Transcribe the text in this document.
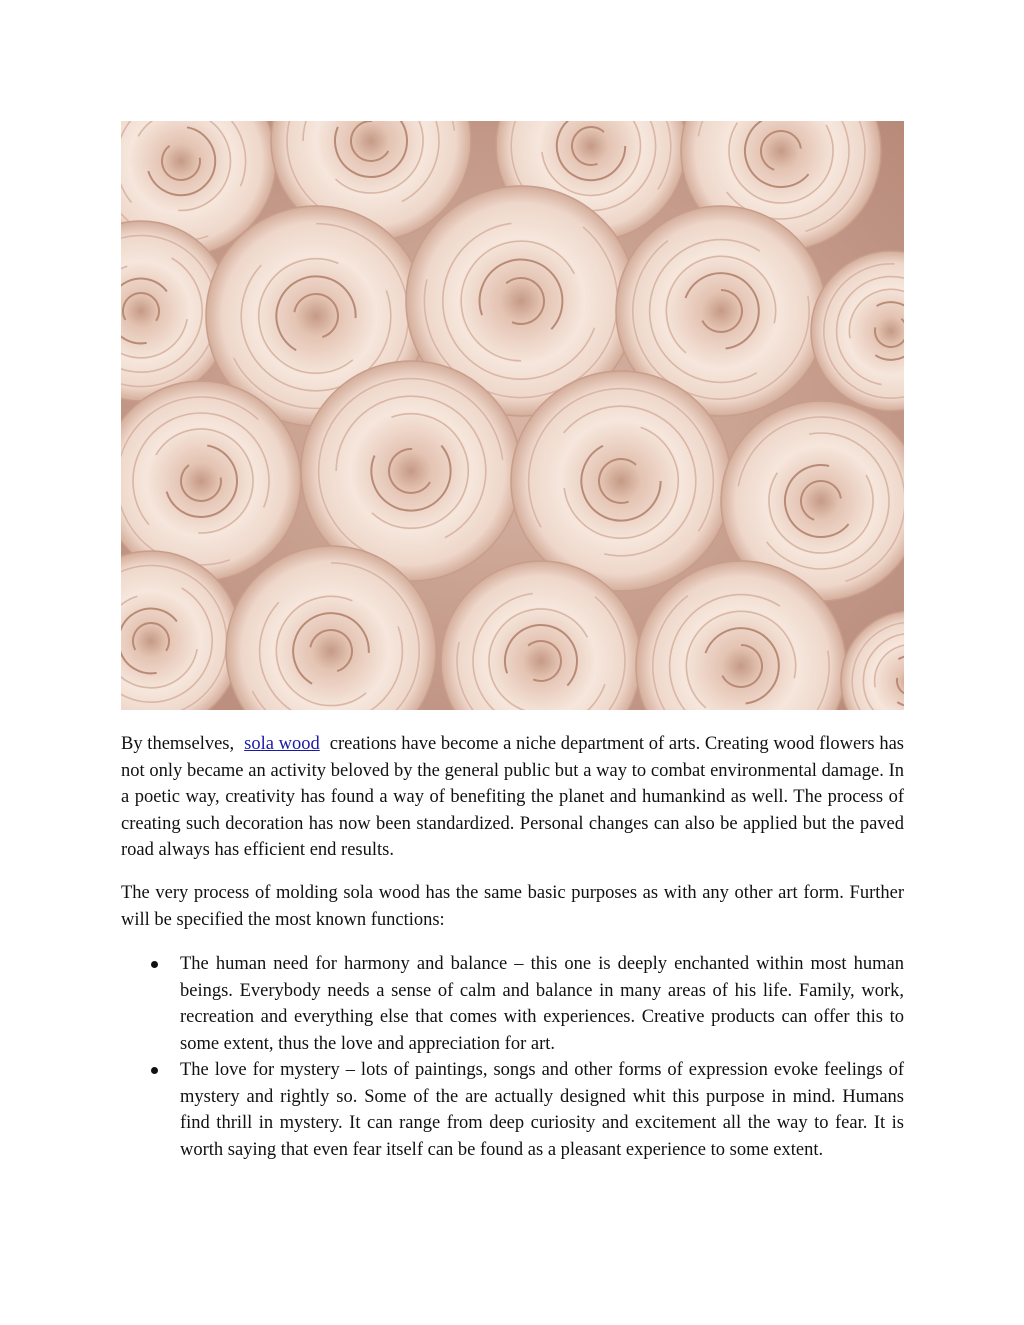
By themselves, sola wood creations have become a niche department of arts. Creating wood flowers has not only became an activity beloved by the general public but a way to combat environmental damage. In a poetic way, creativity has found a way of benefiting the planet and humankind as well. The process of creating such decoration has now been standardized. Personal changes can also be applied but the paved road always has efficient end results.

The very process of molding sola wood has the same basic purposes as with any other art form. Further will be specified the most known functions:

The human need for harmony and balance – this one is deeply enchanted within most human beings. Everybody needs a sense of calm and balance in many areas of his life. Family, work, recreation and everything else that comes with experiences. Creative products can offer this to some extent, thus the love and appreciation for art.
The love for mystery – lots of paintings, songs and other forms of expression evoke feelings of mystery and rightly so. Some of the are actually designed whit this purpose in mind. Humans find thrill in mystery. It can range from deep curiosity and excitement all the way to fear. It is worth saying that even fear itself can be found as a pleasant experience to some extent.
